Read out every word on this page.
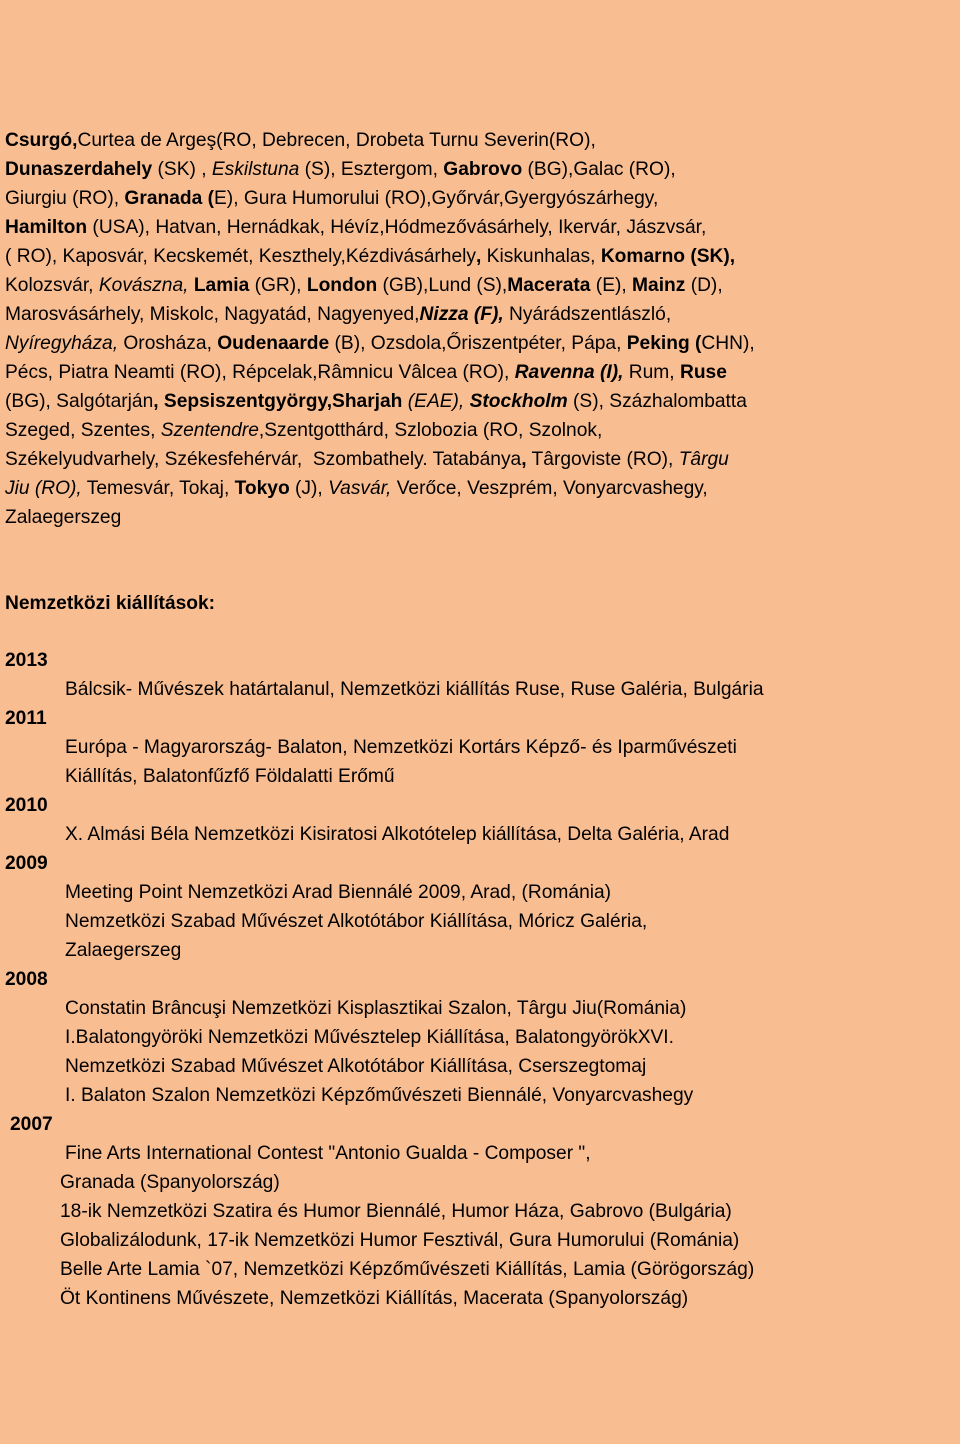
Csurgó,Curtea de Argeş(RO, Debrecen, Drobeta Turnu Severin(RO),
Dunaszerdahely (SK) , Eskilstuna (S), Esztergom, Gabrovo (BG),Galac (RO),
Giurgiu (RO), Granada (E), Gura Humorului (RO),Győrvár,Gyergyószárhegy,
Hamilton (USA), Hatvan, Hernádkak, Hévíz,Hódmezővásárhely, Ikervár, Jászvsár,
( RO), Kaposvár, Kecskemét, Keszthely,Kézdivásárhely, Kiskunhalas, Komarno (SK),
Kolozsvár, Kovászna, Lamia (GR), London (GB),Lund (S),Macerata (E), Mainz (D),
Marosvásárhely, Miskolc, Nagyatád, Nagyenyed,Nizza (F), Nyárádszentlászló,
Nyíregyháza, Orosháza, Oudenaarde (B), Ozsdola,Őriszentpéter, Pápa, Peking (CHN),
Pécs, Piatra Neamti (RO), Répcelak,Râmnicu Vâlcea (RO), Ravenna (I), Rum, Ruse
(BG), Salgótarján, Sepsiszentgyörgy,Sharjah (EAE), Stockholm (S), Százhalombatta
Szeged, Szentes, Szentendre,Szentgotthárd, Szlobozia (RO, Szolnok,
Székelyudvarhely, Székesfehérvár,  Szombathely. Tatabánya, Târgoviste (RO), Târgu
Jiu (RO), Temesvár, Tokaj, Tokyo (J), Vasvár, Verőce, Veszprém, Vonyarcvashegy,
Zalaegerszeg
Nemzetközi kiállítások:
2013
Bálcsik- Művészek határtalanul, Nemzetközi kiállítás Ruse, Ruse Galéria, Bulgária
2011
Európa - Magyarország- Balaton, Nemzetközi Kortárs Képző- és Iparművészeti
Kiállítás, Balatonfűzfő Földalatti Erőmű
2010
X. Almási Béla Nemzetközi Kisiratosi Alkotótelep kiállítása, Delta Galéria, Arad
2009
Meeting Point Nemzetközi Arad Biennálé 2009, Arad, (Románia)
Nemzetközi Szabad Művészet Alkotótábor Kiállítása, Móricz Galéria,
Zalaegerszeg
2008
Constatin Brâncuşi Nemzetközi Kisplasztikai Szalon, Târgu Jiu(Románia)
I.Balatongyöröki Nemzetközi Művésztelep Kiállítása, BalatongyörökXVI.
Nemzetközi Szabad Művészet Alkotótábor Kiállítása, Cserszegtomaj
I. Balaton Szalon Nemzetközi Képzőművészeti Biennálé, Vonyarcvashegy
2007
Fine Arts International Contest "Antonio Gualda - Composer ",
Granada (Spanyolország)
18-ik Nemzetközi Szatira és Humor Biennálé, Humor Háza, Gabrovo (Bulgária)
Globalizálodunk, 17-ik Nemzetközi Humor Fesztivál, Gura Humorului (Románia)
Belle Arte Lamia `07, Nemzetközi Képzőművészeti Kiállítás, Lamia (Görögország)
Öt Kontinens Művészete, Nemzetközi Kiállítás, Macerata (Spanyolország)
